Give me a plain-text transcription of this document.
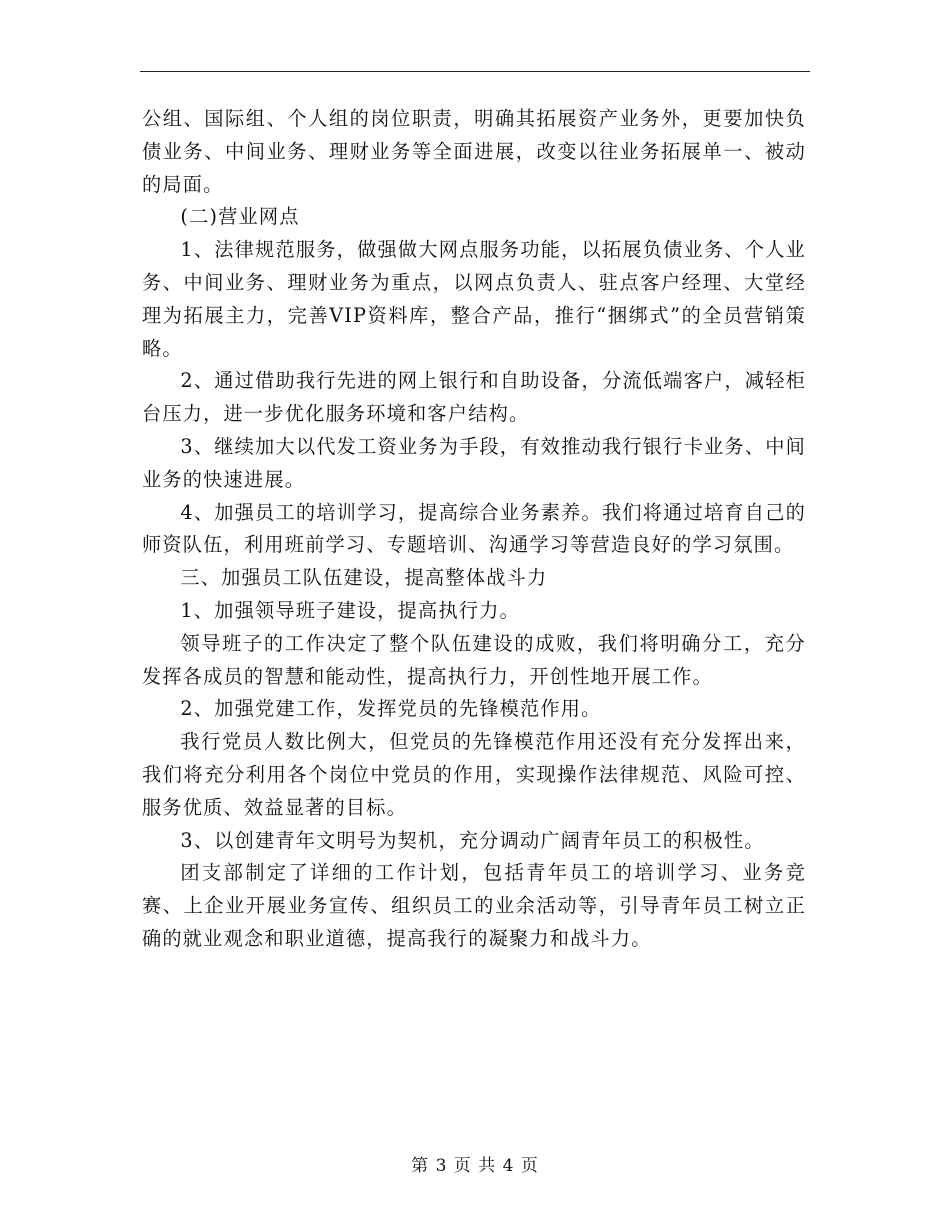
公组、国际组、个人组的岗位职责，明确其拓展资产业务外，更要加快负债业务、中间业务、理财业务等全面进展，改变以往业务拓展单一、被动的局面。

(二)营业网点

1、法律规范服务，做强做大网点服务功能，以拓展负债业务、个人业务、中间业务、理财业务为重点，以网点负责人、驻点客户经理、大堂经理为拓展主力，完善VIP资料库，整合产品，推行“捆绑式”的全员营销策略。

2、通过借助我行先进的网上银行和自助设备，分流低端客户，减轻柜台压力，进一步优化服务环境和客户结构。

3、继续加大以代发工资业务为手段，有效推动我行银行卡业务、中间业务的快速进展。

4、加强员工的培训学习，提高综合业务素养。我们将通过培育自己的师资队伍，利用班前学习、专题培训、沟通学习等营造良好的学习氛围。

三、加强员工队伍建设，提高整体战斗力

1、加强领导班子建设，提高执行力。

领导班子的工作决定了整个队伍建设的成败，我们将明确分工，充分发挥各成员的智慧和能动性，提高执行力，开创性地开展工作。

2、加强党建工作，发挥党员的先锋模范作用。

我行党员人数比例大，但党员的先锋模范作用还没有充分发挥出来，我们将充分利用各个岗位中党员的作用，实现操作法律规范、风险可控、服务优质、效益显著的目标。

3、以创建青年文明号为契机，充分调动广阔青年员工的积极性。

团支部制定了详细的工作计划，包括青年员工的培训学习、业务竞赛、上企业开展业务宣传、组织员工的业余活动等，引导青年员工树立正确的就业观念和职业道德，提高我行的凝聚力和战斗力。

第 3 页 共 4 页
